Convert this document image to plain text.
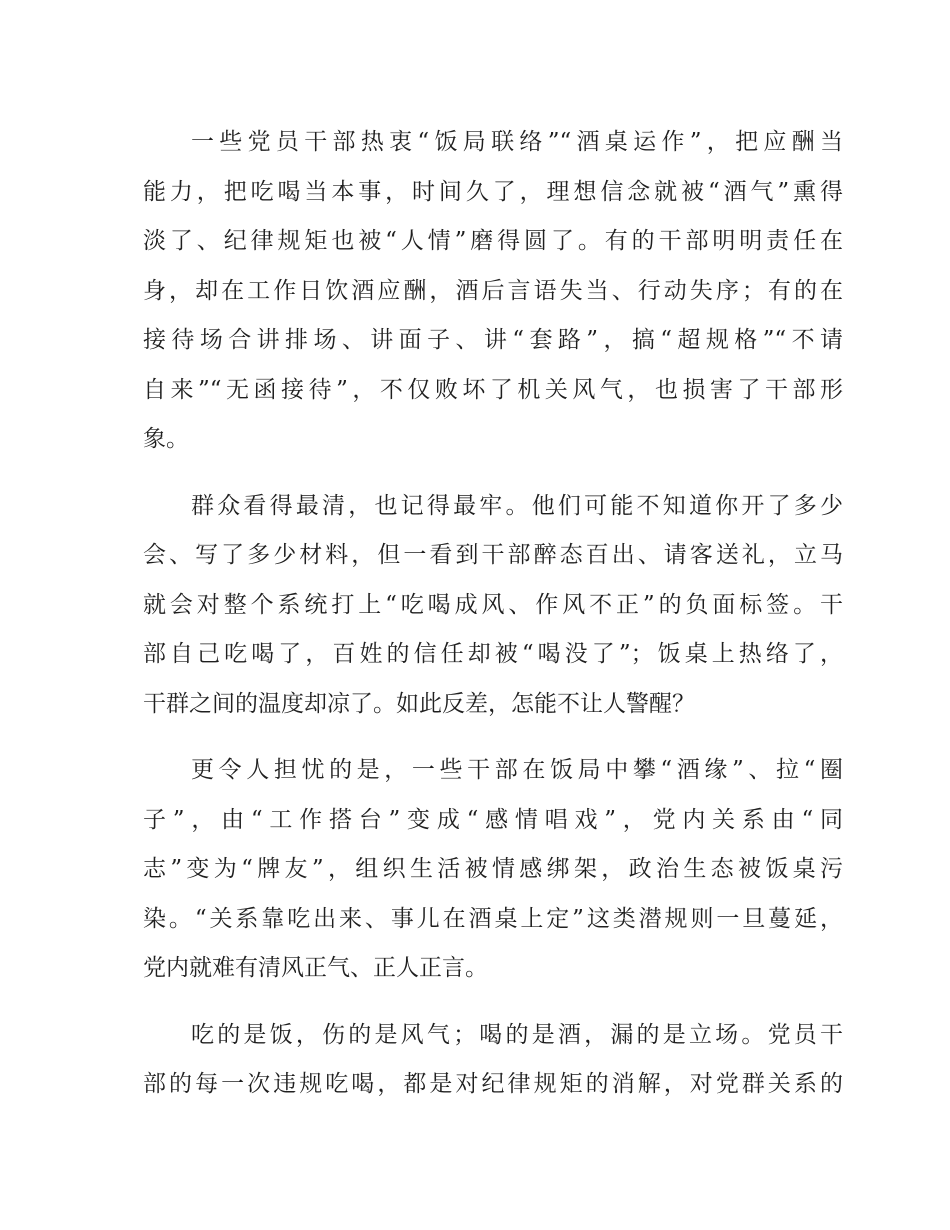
一些党员干部热衷“饭局联络”“酒桌运作”，把应酬当
能力，把吃喝当本事，时间久了，理想信念就被“酒气”熏得
淡了、纪律规矩也被“人情”磨得圆了。有的干部明明责任在
身，却在工作日饮酒应酬，酒后言语失当、行动失序；有的在
接待场合讲排场、讲面子、讲“套路”，搞“超规格”“不请
自来”“无函接待”，不仅败坏了机关风气，也损害了干部形
象。
群众看得最清，也记得最牢。他们可能不知道你开了多少
会、写了多少材料，但一看到干部醉态百出、请客送礼，立马
就会对整个系统打上“吃喝成风、作风不正”的负面标签。干
部自己吃喝了，百姓的信任却被“喝没了”；饭桌上热络了，
干群之间的温度却凉了。如此反差，怎能不让人警醒？
更令人担忧的是，一些干部在饭局中攀“酒缘”、拉“圈
子”，由“工作搭台”变成“感情唱戏”，党内关系由“同
志”变为“牌友”，组织生活被情感绑架，政治生态被饭桌污
染。“关系靠吃出来、事儿在酒桌上定”这类潜规则一旦蔓延，
党内就难有清风正气、正人正言。
吃的是饭，伤的是风气；喝的是酒，漏的是立场。党员干
部的每一次违规吃喝，都是对纪律规矩的消解，对党群关系的
